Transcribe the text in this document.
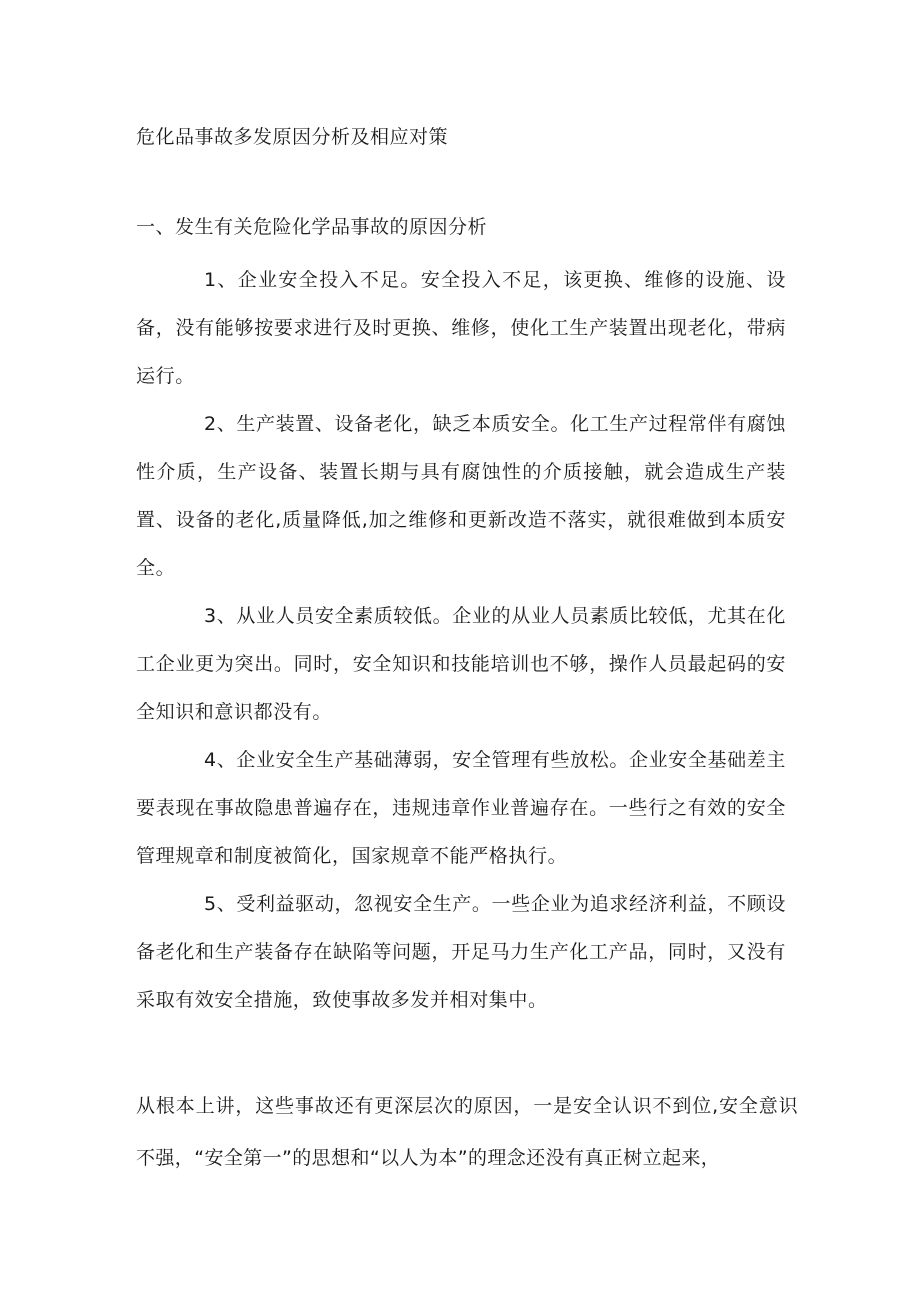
危化品事故多发原因分析及相应对策
一、发生有关危险化学品事故的原因分析

1、企业安全投入不足。安全投入不足，该更换、维修的设施、设备，没有能够按要求进行及时更换、维修，使化工生产装置出现老化，带病运行。

2、生产装置、设备老化，缺乏本质安全。化工生产过程常伴有腐蚀性介质，生产设备、装置长期与具有腐蚀性的介质接触，就会造成生产装置、设备的老化,质量降低,加之维修和更新改造不落实，就很难做到本质安全。

3、从业人员安全素质较低。企业的从业人员素质比较低，尤其在化工企业更为突出。同时，安全知识和技能培训也不够，操作人员最起码的安全知识和意识都没有。

4、企业安全生产基础薄弱，安全管理有些放松。企业安全基础差主要表现在事故隐患普遍存在，违规违章作业普遍存在。一些行之有效的安全管理规章和制度被简化，国家规章不能严格执行。

5、受利益驱动，忽视安全生产。一些企业为追求经济利益，不顾设备老化和生产装备存在缺陷等问题，开足马力生产化工产品，同时，又没有采取有效安全措施，致使事故多发并相对集中。

从根本上讲，这些事故还有更深层次的原因，一是安全认识不到位,安全意识不强，“安全第一”的思想和“以人为本”的理念还没有真正树立起来，
